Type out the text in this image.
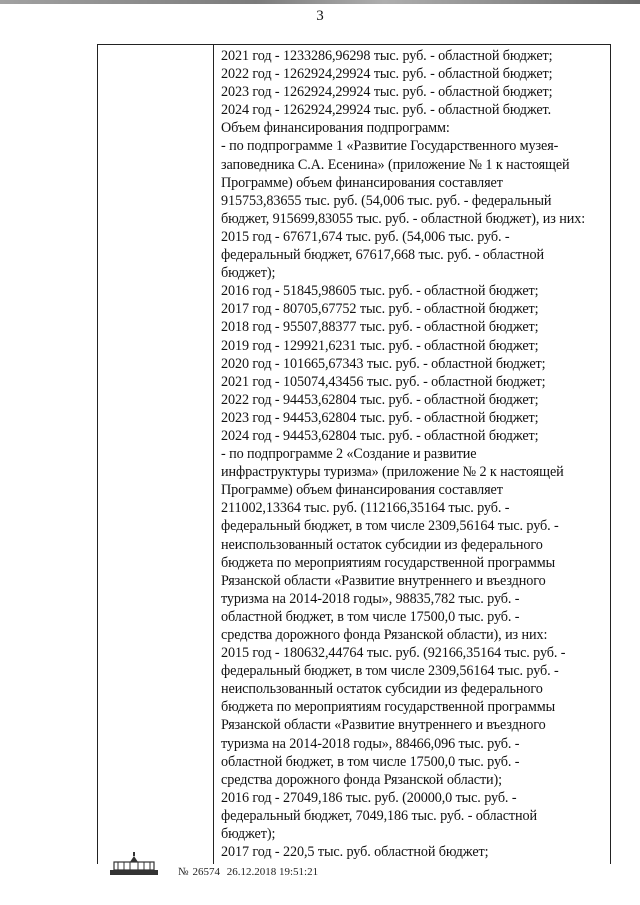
3
2021 год - 1233286,96298 тыс. руб. - областной бюджет;
2022 год - 1262924,29924 тыс. руб. - областной бюджет;
2023 год - 1262924,29924 тыс. руб. - областной бюджет;
2024 год - 1262924,29924 тыс. руб. - областной бюджет.
Объем финансирования подпрограмм:
- по подпрограмме 1 «Развитие Государственного музея-
заповедника С.А. Есенина» (приложение № 1 к настоящей
Программе) объем финансирования составляет
915753,83655 тыс. руб. (54,006 тыс. руб. - федеральный
бюджет, 915699,83055 тыс. руб. - областной бюджет), из них:
2015 год - 67671,674 тыс. руб. (54,006 тыс. руб. -
федеральный бюджет, 67617,668 тыс. руб. - областной
бюджет);
2016 год - 51845,98605 тыс. руб. - областной бюджет;
2017 год - 80705,67752 тыс. руб. - областной бюджет;
2018 год - 95507,88377 тыс. руб. - областной бюджет;
2019 год - 129921,6231 тыс. руб. - областной бюджет;
2020 год - 101665,67343 тыс. руб. - областной бюджет;
2021 год - 105074,43456 тыс. руб. - областной бюджет;
2022 год - 94453,62804 тыс. руб. - областной бюджет;
2023 год - 94453,62804 тыс. руб. - областной бюджет;
2024 год - 94453,62804 тыс. руб. - областной бюджет;
- по подпрограмме 2 «Создание и развитие
инфраструктуры туризма» (приложение № 2 к настоящей
Программе) объем финансирования составляет
211002,13364 тыс. руб. (112166,35164 тыс. руб. -
федеральный бюджет, в том числе 2309,56164 тыс. руб. -
неиспользованный остаток субсидии из федерального
бюджета по мероприятиям государственной программы
Рязанской области «Развитие внутреннего и въездного
туризма на 2014-2018 годы», 98835,782 тыс. руб. -
областной бюджет, в том числе 17500,0 тыс. руб. -
средства дорожного фонда Рязанской области), из них:
2015 год - 180632,44764 тыс. руб. (92166,35164 тыс. руб. -
федеральный бюджет, в том числе 2309,56164 тыс. руб. -
неиспользованный остаток субсидии из федерального
бюджета по мероприятиям государственной программы
Рязанской области «Развитие внутреннего и въездного
туризма на 2014-2018 годы», 88466,096 тыс. руб. -
областной бюджет, в том числе 17500,0 тыс. руб. -
средства дорожного фонда Рязанской области);
2016 год - 27049,186 тыс. руб. (20000,0 тыс. руб. -
федеральный бюджет, 7049,186 тыс. руб. - областной
бюджет);
2017 год - 220,5 тыс. руб. областной бюджет;
№ 26574 26.12.2018 19:51:21
